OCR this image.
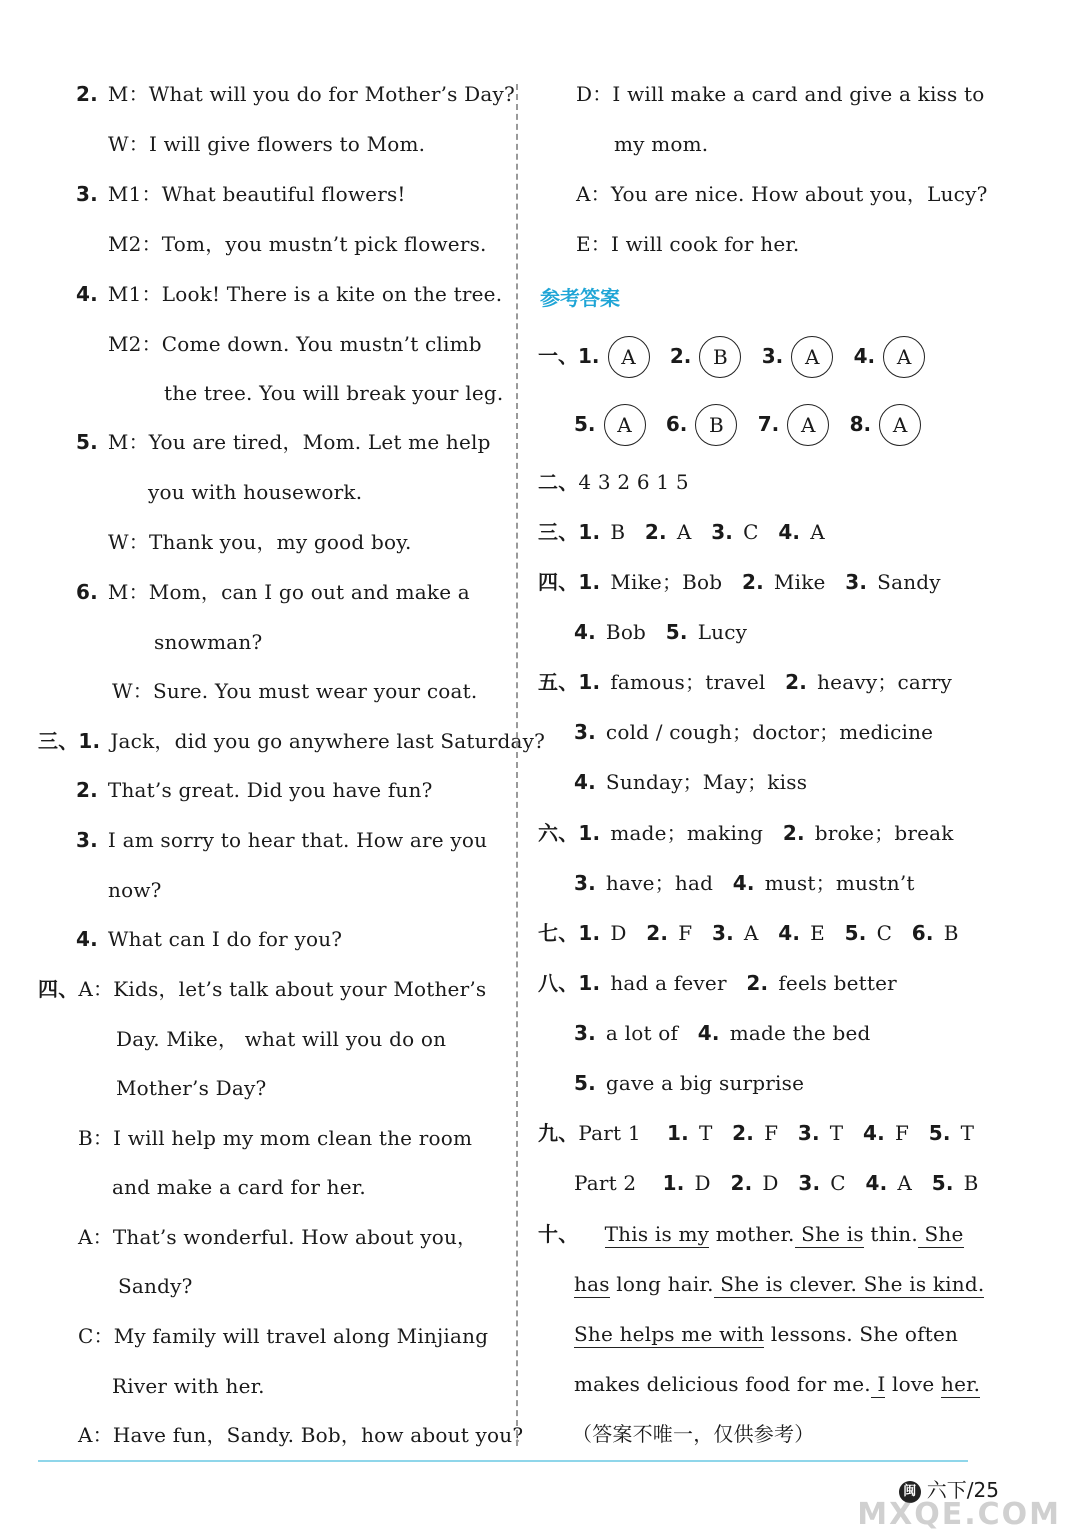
2. M：What will you do for Mother’s Day?
W：I will give flowers to Mom.
3. M1：What beautiful flowers!
M2：Tom，you mustn’t pick flowers.
4. M1：Look! There is a kite on the tree.
M2：Come down. You mustn’t climb
the tree. You will break your leg.
5. M：You are tired，Mom. Let me help
you with housework.
W：Thank you，my good boy.
6. M：Mom，can I go out and make a
snowman?
W：Sure. You must wear your coat.
三、1. Jack，did you go anywhere last Saturday?
2. That’s great. Did you have fun?
3. I am sorry to hear that. How are you
now?
4. What can I do for you?
四、A：Kids，let’s talk about your Mother’s
Day. Mike， what will you do on
Mother’s Day?
B：I will help my mom clean the room
and make a card for her.
A：That’s wonderful. How about you，
Sandy?
C：My family will travel along Minjiang
River with her.
A：Have fun，Sandy. Bob，how about you?
D：I will make a card and give a kiss to
my mom.
A：You are nice. How about you，Lucy?
E：I will cook for her.
参考答案
一、1. A 2. B 3. A 4. A
5. A 6. B 7. A 8. A
二、4 3 2 6 1 5
三、1. B 2. A 3. C 4. A
四、1. Mike；Bob 2. Mike 3. Sandy
4. Bob 5. Lucy
五、1. famous；travel 2. heavy；carry
3. cold / cough；doctor；medicine
4. Sunday；May；kiss
六、1. made；making 2. broke；break
3. have；had 4. must；mustn’t
七、1. D 2. F 3. A 4. E 5. C 6. B
八、1. had a fever 2. feels better
3. a lot of 4. made the bed
5. gave a big surprise
九、Part 1 1. T 2. F 3. T 4. F 5. T
Part 2 1. D 2. D 3. C 4. A 5. B
十、 This is my mother. She is thin. She
has long hair. She is clever. She is kind.
She helps me with lessons. She often
makes delicious food for me. I love her.
（答案不唯一，仅供参考）
闽 六下/25
MXQE.COM
